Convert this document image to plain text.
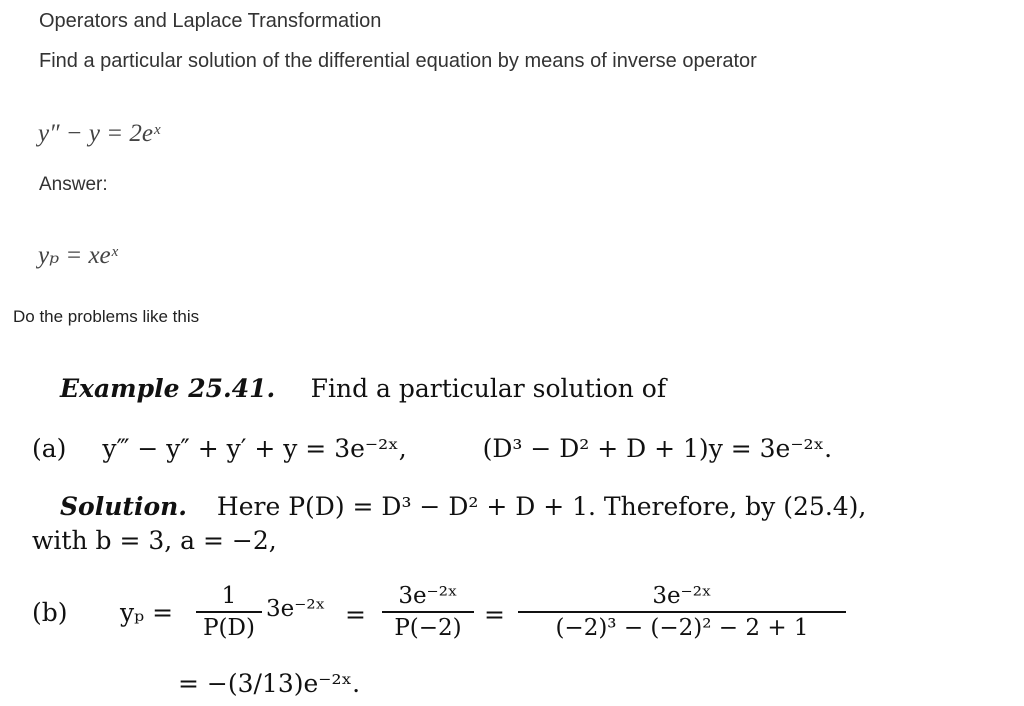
Operators and Laplace Transformation
Find a particular solution of the differential equation by means of inverse operator
y″ − y = 2eˣ
Answer:
yₚ = xeˣ
Do the problems like this
Example 25.41. Find a particular solution of
(a) y‴ − y″ + y′ + y = 3e⁻²ˣ,	(D³ − D² + D + 1)y = 3e⁻²ˣ.
Solution. Here P(D) = D³ − D² + D + 1. Therefore, by (25.4),
with b = 3, a = −2,
(b) yₚ =
1
P(D)
3e⁻²ˣ =
3e⁻²ˣ
P(−2) =
3e⁻²ˣ
(−2)³ − (−2)² − 2 + 1
= −(3/13)e⁻²ˣ.
